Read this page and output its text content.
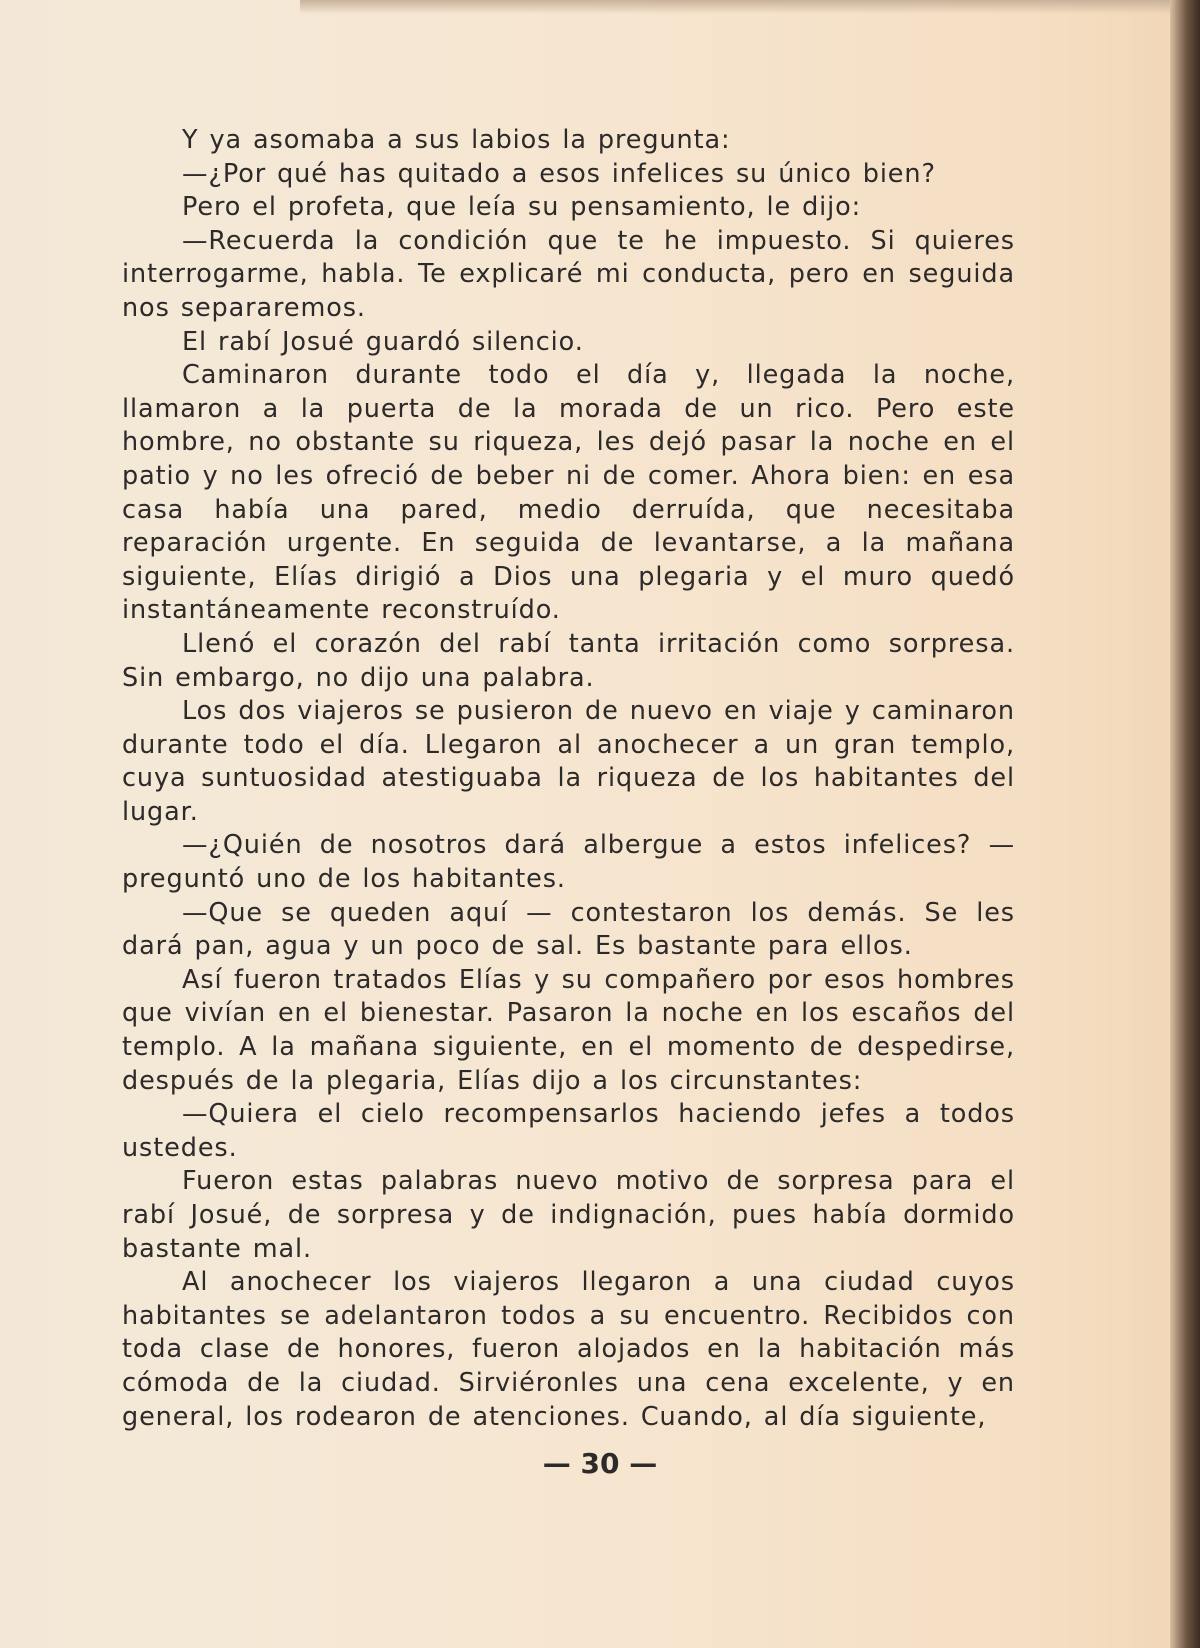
Y ya asomaba a sus labios la pregunta:

—¿Por qué has quitado a esos infelices su único bien?

Pero el profeta, que leía su pensamiento, le dijo:

—Recuerda la condición que te he impuesto. Si quieres interrogarme, habla. Te explicaré mi conducta, pero en seguida nos separaremos.

El rabí Josué guardó silencio.

Caminaron durante todo el día y, llegada la noche, llamaron a la puerta de la morada de un rico. Pero este hombre, no obstante su riqueza, les dejó pasar la noche en el patio y no les ofreció de beber ni de comer. Ahora bien: en esa casa había una pared, medio derruída, que necesitaba reparación urgente. En seguida de levantarse, a la mañana siguiente, Elías dirigió a Dios una plegaria y el muro quedó instantáneamente reconstruído.

Llenó el corazón del rabí tanta irritación como sorpresa. Sin embargo, no dijo una palabra.

Los dos viajeros se pusieron de nuevo en viaje y caminaron durante todo el día. Llegaron al anochecer a un gran templo, cuya suntuosidad atestiguaba la riqueza de los habitantes del lugar.

—¿Quién de nosotros dará albergue a estos infelices? — preguntó uno de los habitantes.

—Que se queden aquí — contestaron los demás. Se les dará pan, agua y un poco de sal. Es bastante para ellos.

Así fueron tratados Elías y su compañero por esos hombres que vivían en el bienestar. Pasaron la noche en los escaños del templo. A la mañana siguiente, en el momento de despedirse, después de la plegaria, Elías dijo a los circunstantes:

—Quiera el cielo recompensarlos haciendo jefes a todos ustedes.

Fueron estas palabras nuevo motivo de sorpresa para el rabí Josué, de sorpresa y de indignación, pues había dormido bastante mal.

Al anochecer los viajeros llegaron a una ciudad cuyos habitantes se adelantaron todos a su encuentro. Recibidos con toda clase de honores, fueron alojados en la habitación más cómoda de la ciudad. Sirviéronles una cena excelente, y en general, los rodearon de atenciones. Cuando, al día siguiente,

— 30 —
